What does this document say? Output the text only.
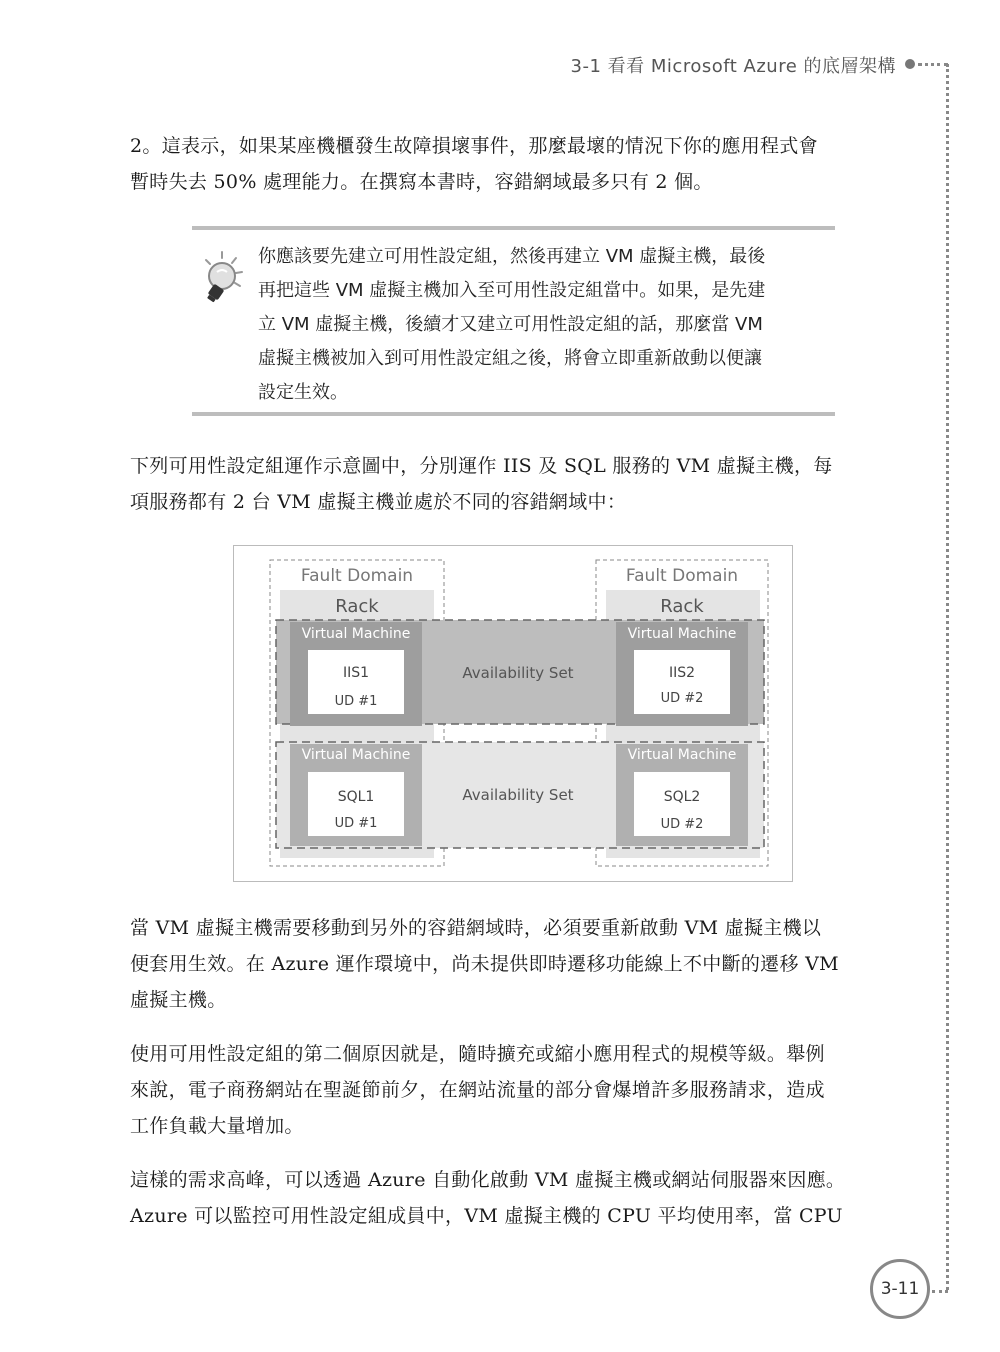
3-1 看看 Microsoft Azure 的底層架構

2。這表示，如果某座機櫃發生故障損壞事件，那麼最壞的情況下你的應用程式會
暫時失去 50% 處理能力。在撰寫本書時，容錯網域最多只有 2 個。

你應該要先建立可用性設定組，然後再建立 VM 虛擬主機，最後
再把這些 VM 虛擬主機加入至可用性設定組當中。如果，是先建
立 VM 虛擬主機，後續才又建立可用性設定組的話，那麼當 VM
虛擬主機被加入到可用性設定組之後，將會立即重新啟動以便讓
設定生效。

下列可用性設定組運作示意圖中，分別運作 IIS 及 SQL 服務的 VM 虛擬主機，每
項服務都有 2 台 VM 虛擬主機並處於不同的容錯網域中：

Fault Domain	Fault Domain
Rack	Rack
Availability Set
Availability Set
Virtual Machine
IIS1
UD #1
Virtual Machine
IIS2
UD #2
Virtual Machine
SQL1
UD #1
Virtual Machine
SQL2
UD #2

當 VM 虛擬主機需要移動到另外的容錯網域時，必須要重新啟動 VM 虛擬主機以
便套用生效。在 Azure 運作環境中，尚未提供即時遷移功能線上不中斷的遷移 VM
虛擬主機。

使用可用性設定組的第二個原因就是，隨時擴充或縮小應用程式的規模等級。舉例
來說，電子商務網站在聖誕節前夕，在網站流量的部分會爆增許多服務請求，造成
工作負載大量增加。

這樣的需求高峰，可以透過 Azure 自動化啟動 VM 虛擬主機或網站伺服器來因應。
Azure 可以監控可用性設定組成員中，VM 虛擬主機的 CPU 平均使用率，當 CPU

3-11
